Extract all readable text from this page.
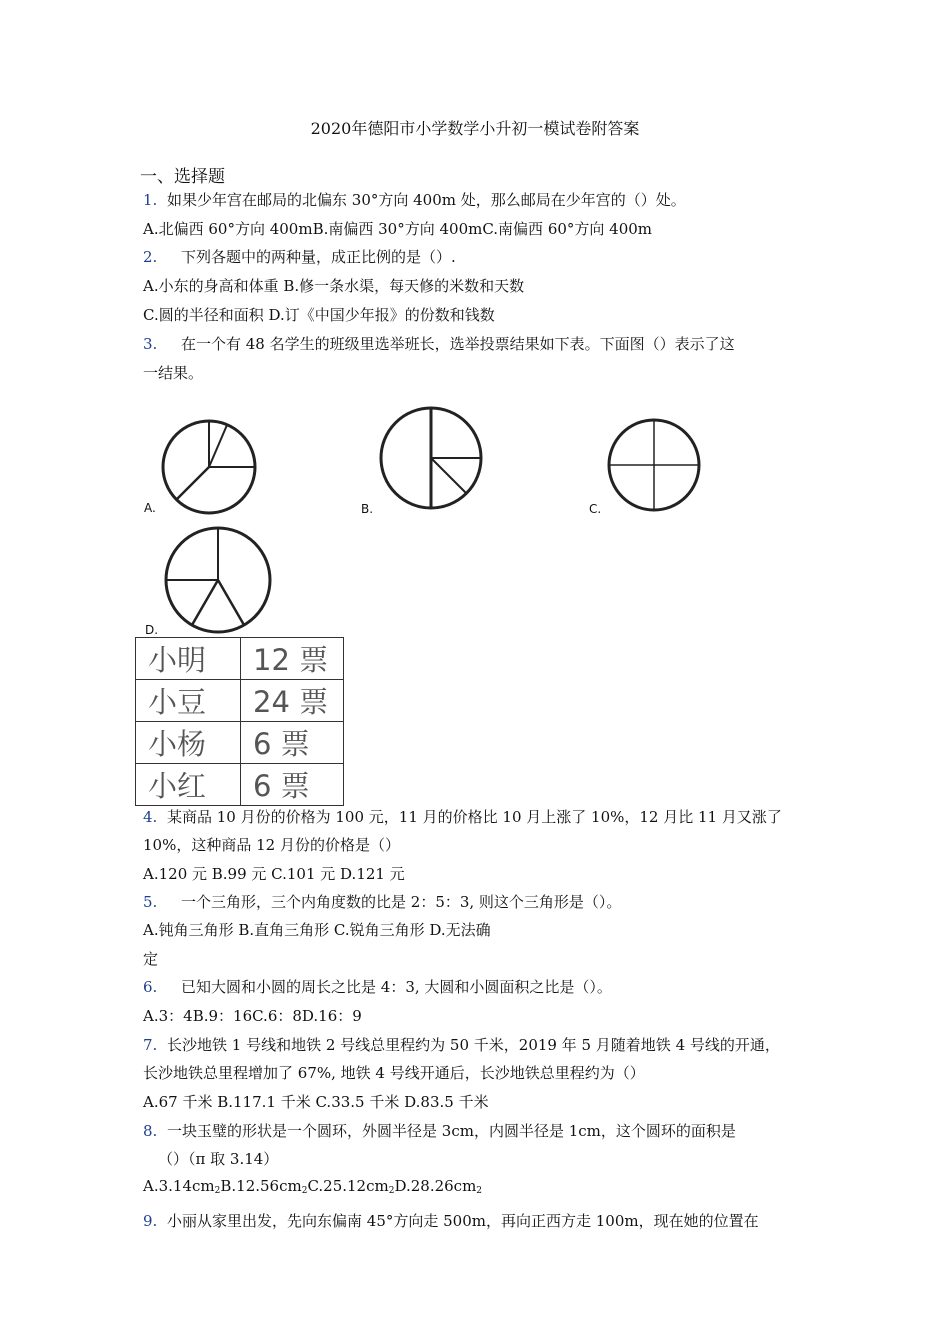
2020年德阳市小学数学小升初一模试卷附答案
一、选择题
1. 如果少年宫在邮局的北偏东 30°方向 400m 处，那么邮局在少年宫的（）处。
A.北偏西 60°方向 400mB.南偏西 30°方向 400mC.南偏西 60°方向 400m
2. 下列各题中的两种量，成正比例的是（）.
A.小东的身高和体重 B.修一条水渠，每天修的米数和天数
C.圆的半径和面积 D.订《中国少年报》的份数和钱数
3. 在一个有 48 名学生的班级里选举班长，选举投票结果如下表。下面图（）表示了这
一结果。
A.	B.	C.
D.
小明	12 票
小豆	24 票
小杨	6 票
小红	6 票
4. 某商品 10 月份的价格为 100 元，11 月的价格比 10 月上涨了 10%，12 月比 11 月又涨了
10%，这种商品 12 月份的价格是（）
A.120 元 B.99 元 C.101 元 D.121 元
5. 一个三角形，三个内角度数的比是 2：5：3, 则这个三角形是（）。
A.钝角三角形 B.直角三角形 C.锐角三角形 D.无法确
定
6. 已知大圆和小圆的周长之比是 4：3, 大圆和小圆面积之比是（）。
A.3：4B.9：16C.6：8D.16：9
7. 长沙地铁 1 号线和地铁 2 号线总里程约为 50 千米，2019 年 5 月随着地铁 4 号线的开通，
长沙地铁总里程增加了 67%, 地铁 4 号线开通后，长沙地铁总里程约为（）
A.67 千米 B.117.1 千米 C.33.5 千米 D.83.5 千米
8. 一块玉璧的形状是一个圆环，外圆半径是 3cm，内圆半径是 1cm，这个圆环的面积是
（）（π 取 3.14）
$A.3.14cm_2B.12.56cm_2C.25.12cm_2D.28.26cm_2$
9. 小丽从家里出发，先向东偏南 45°方向走 500m，再向正西方走 100m，现在她的位置在
